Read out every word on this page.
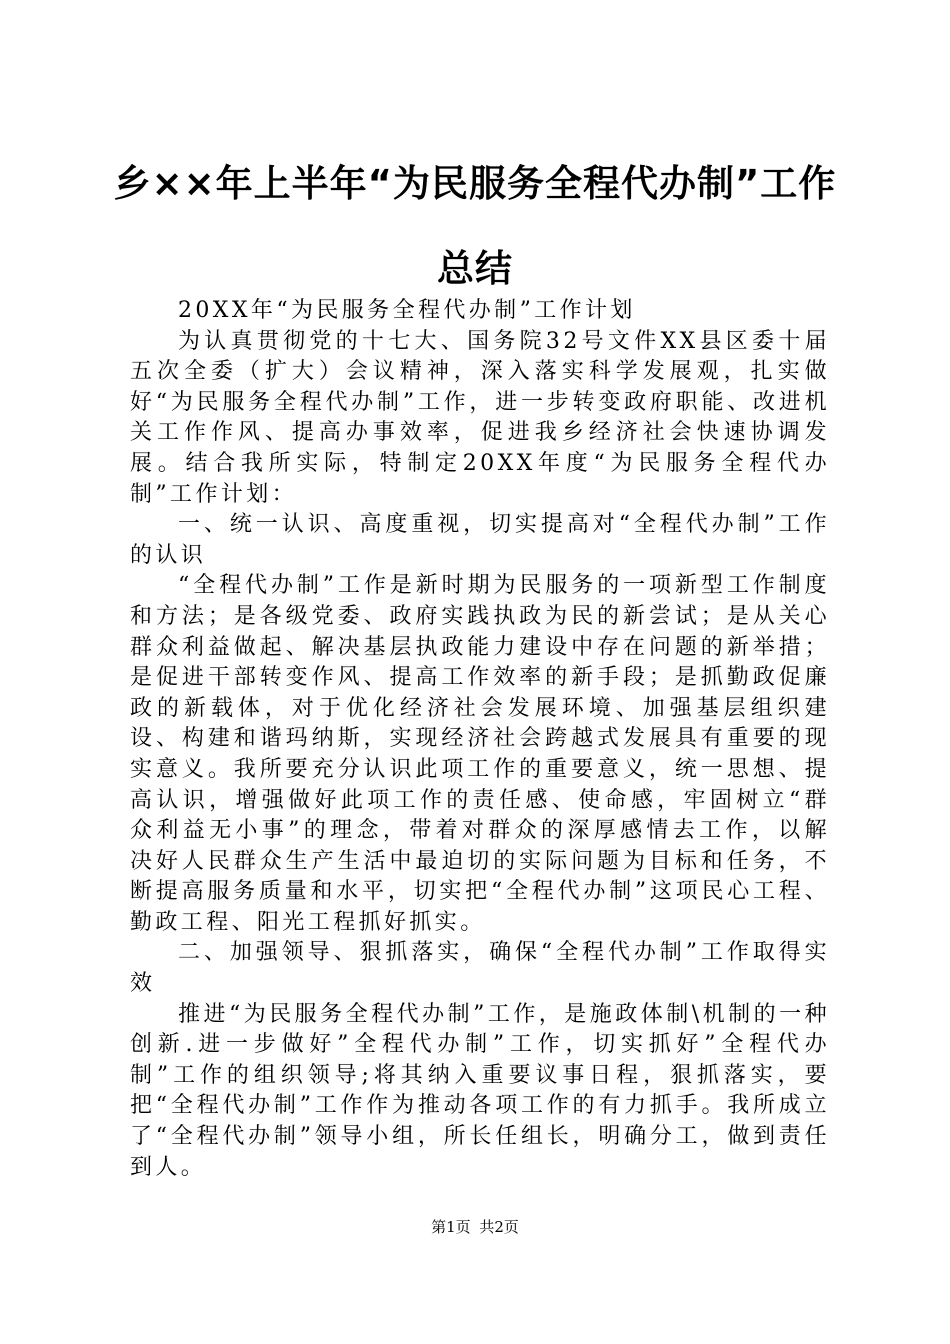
乡××年上半年“为民服务全程代办制”工作
总结

20XX年“为民服务全程代办制”工作计划

为认真贯彻党的十七大、国务院32号文件XX县区委十届五次全委（扩大）会议精神，深入落实科学发展观，扎实做好“为民服务全程代办制”工作，进一步转变政府职能、改进机关工作作风、提高办事效率，促进我乡经济社会快速协调发展。结合我所实际，特制定20XX年度“为民服务全程代办制”工作计划：

一、统一认识、高度重视，切实提高对“全程代办制”工作的认识

“全程代办制”工作是新时期为民服务的一项新型工作制度和方法；是各级党委、政府实践执政为民的新尝试；是从关心群众利益做起、解决基层执政能力建设中存在问题的新举措；是促进干部转变作风、提高工作效率的新手段；是抓勤政促廉政的新载体，对于优化经济社会发展环境、加强基层组织建设、构建和谐玛纳斯，实现经济社会跨越式发展具有重要的现实意义。我所要充分认识此项工作的重要意义，统一思想、提高认识，增强做好此项工作的责任感、使命感，牢固树立“群众利益无小事”的理念，带着对群众的深厚感情去工作，以解决好人民群众生产生活中最迫切的实际问题为目标和任务，不断提高服务质量和水平，切实把“全程代办制”这项民心工程、勤政工程、阳光工程抓好抓实。

二、加强领导、狠抓落实，确保“全程代办制”工作取得实效

推进“为民服务全程代办制”工作，是施政体制\机制的一种创新.进一步做好”全程代办制”工作，切实抓好”全程代办制”工作的组织领导;将其纳入重要议事日程，狠抓落实，要把“全程代办制”工作作为推动各项工作的有力抓手。我所成立了“全程代办制”领导小组，所长任组长，明确分工，做到责任到人。

第1页 共2页
